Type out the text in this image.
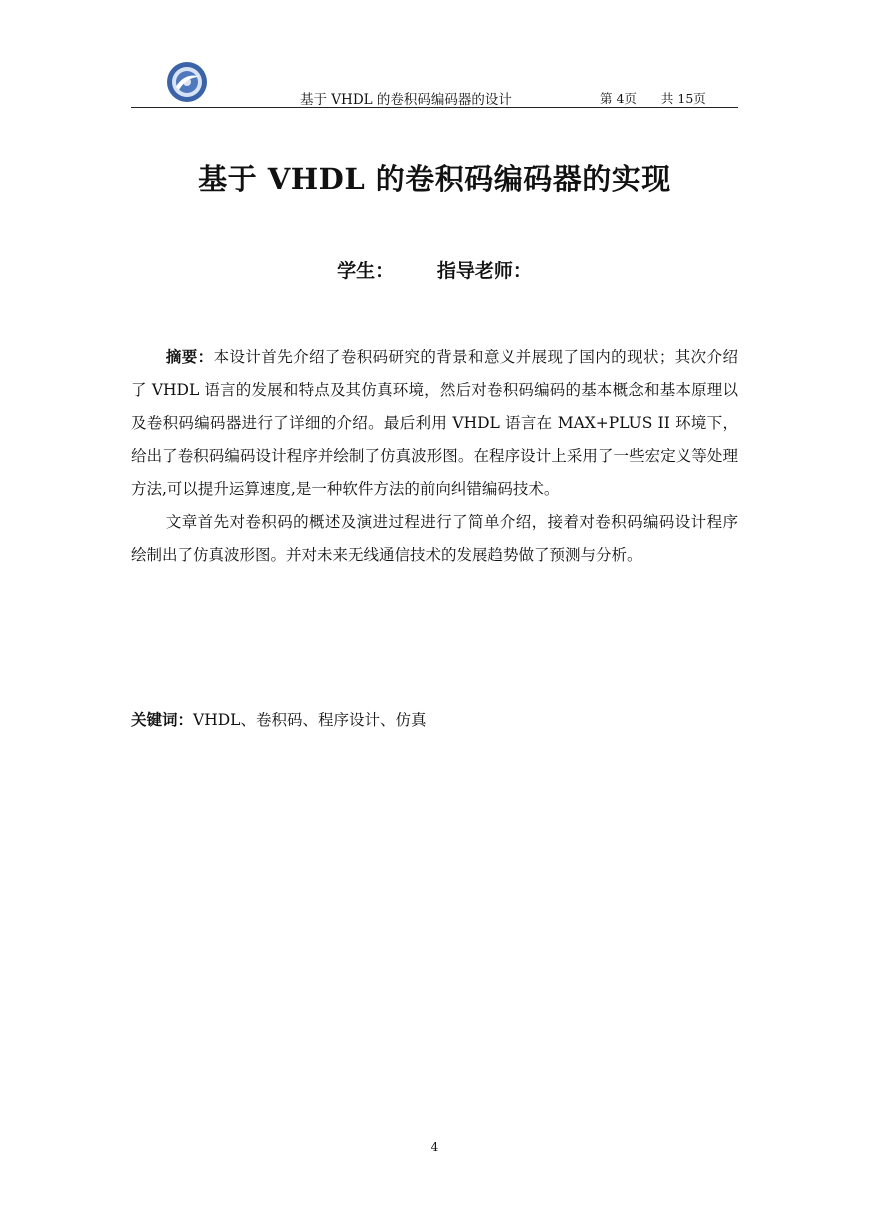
基于 VHDL 的卷积码编码器的设计	第 4页 共 15页
基于 VHDL 的卷积码编码器的实现
学生： 指导老师：

摘要：本设计首先介绍了卷积码研究的背景和意义并展现了国内的现状；其次介绍了 VHDL 语言的发展和特点及其仿真环境，然后对卷积码编码的基本概念和基本原理以及卷积码编码器进行了详细的介绍。最后利用 VHDL 语言在 MAX+PLUS II 环境下，给出了卷积码编码设计程序并绘制了仿真波形图。在程序设计上采用了一些宏定义等处理方法,可以提升运算速度,是一种软件方法的前向纠错编码技术。

文章首先对卷积码的概述及演进过程进行了简单介绍，接着对卷积码编码设计程序绘制出了仿真波形图。并对未来无线通信技术的发展趋势做了预测与分析。

关键词：VHDL、卷积码、程序设计、仿真
4
